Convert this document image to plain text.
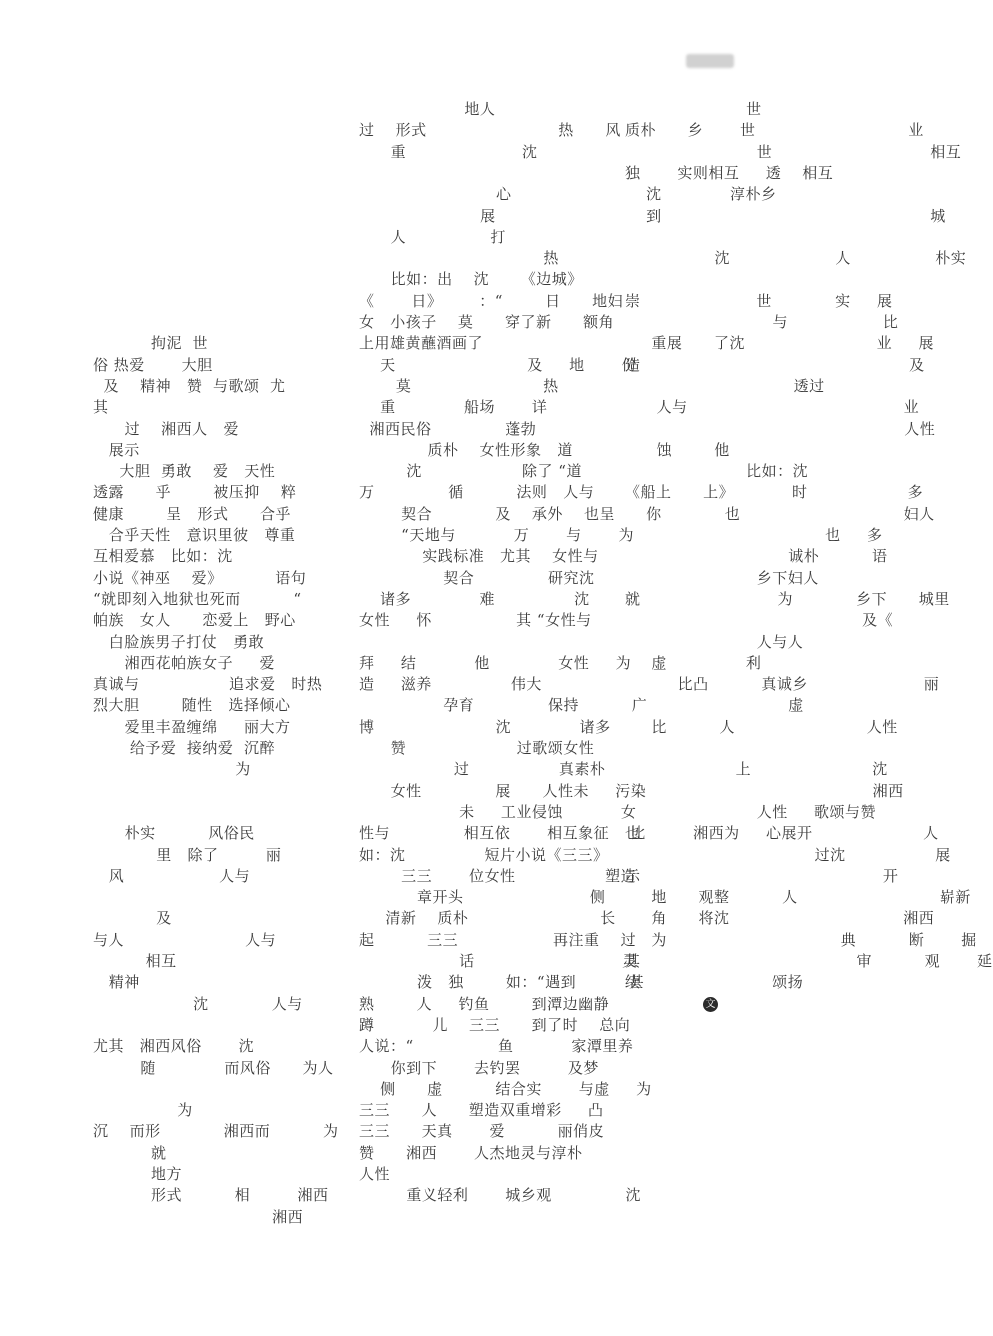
拘泥  世
俗 热爱       大胆
及    精神   赞  与歌颂  尤
其
过    湘西人   爱
展示
大胆  勇敢    爱   天性
透露      乎        被压抑    粹
健康        呈   形式      合乎
合乎天性   意识里彼   尊重
互相爱慕   比如：沈
小说《神巫    爱》          语句
“就即刻入地狱也死而          “
帕族   女人      恋爱上   野心
白脸族男子打仗   勇敢
湘西花帕族女子     爱
真诚与                 追求爱   时热
烈大胆        随性   选择倾心
爱里丰盈缠绵     丽大方
给予爱  接纳爱  沉醉
为
朴实          风俗民
里   除了         丽
风                  人与
及
与人                       人与
相互
精神
沈            人与
尤其   湘西风俗       沈
随             而风俗      为人
为
沉    而形            湘西而          为
就
地方
形式          相         湘西
湘西
地人
过    形式                         热      风
重                      沈
心
展
人                打
热
比如：出    沈      《边城》
《       日》       ：“        日      地妇
女   小孩子    莫      穿了新      额角
上用雄黄蘸酒画了
天                         及     地       份
莫                         热
重             船场       详
湘西民俗              蓬勃
质朴    女性形象   道
沈                   除了 “道
万              循          法则   人与
契合            及    承外    也呈
“天地与           万       与       为
实践标准   尤其    女性与
契合              研究沈
诸多             难               沈
女性     怀                其 “女性与
拜     结           他             女性     为
造     滋养               伟大
孕育              保持          广
博                       沈             诸多
赞                     过歌颂女性
过                 真素朴
女性              展      人性未     污染
未     工业侵蚀           女
性与              相互依       相互象征    比
如：沈               短片小说《三三》
三三       位女性                 塑造
章开头                        侧
清新    质朴                         长
起          三三                  再注重    过
话                            灵
泼   独        如：“遇到          甚
熟        人     钓鱼        到潭边幽静
蹲           儿    三三      到了时    总向
人说：“                鱼           家潭里养
你到下       去钓罢         及梦
侧      虚          结合实       与虚     为
三三      人      塑造双重增彩     凸
三三      天真       爱          丽俏皮
赞      湘西       人杰地灵与淳朴
人性
重义轻利       城乡观              沈
世
质朴      乡       世                             业
世                              相互
独       实则相互     透    相互
沈             淳朴乡
到                                                   城
沈                    人                朴实
崇                      世            实     展
与                  比
重展      了沈                         业     展
造                                                   及
透过
人与                                         业
人性
蚀        他
比如：沈
《船上      上》           时                   多
你            也                               妇人
也     多
诚朴          语
乡下妇人
就                          为            乡下      城里
及《
人与人
虚               利
比凸          真诚乡                      丽
虚
比          人                         人性
上                       沈
湘西
人性     歌颂与赞
也          湘西为     心展开                     人
过沈                 展
示                                              开
地      观整          人                           崭新
角      将沈                                 湘西
为                                 典          断       掘
其                                         审          观       延
续                         颂扬
文
